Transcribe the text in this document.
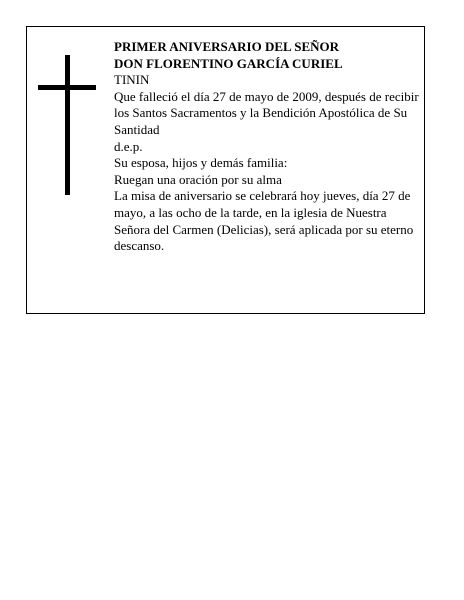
PRIMER ANIVERSARIO DEL SEÑOR

DON FLORENTINO GARCÍA CURIEL

TININ

Que falleció el día 27 de mayo de 2009, después de recibir los Santos Sacramentos y la Bendición Apostólica de Su Santidad

d.e.p.

Su esposa, hijos y demás familia:

Ruegan una oración por su alma

La misa de aniversario se celebrará hoy jueves, día 27 de mayo, a las ocho de la tarde, en la iglesia de Nuestra Señora del Carmen (Delicias), será aplicada por su eterno descanso.
